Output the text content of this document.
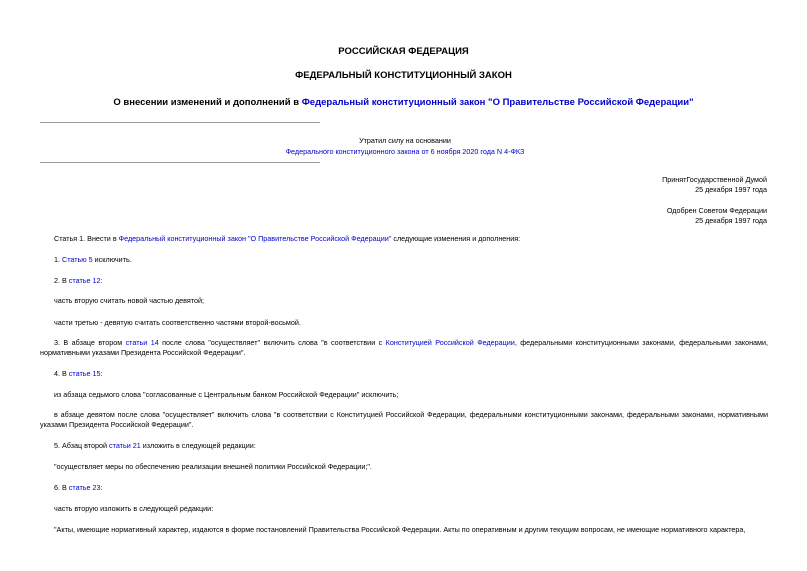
РОССИЙСКАЯ ФЕДЕРАЦИЯ
ФЕДЕРАЛЬНЫЙ КОНСТИТУЦИОННЫЙ ЗАКОН
О внесении изменений и дополнений в Федеральный конституционный закон "О Правительстве Российской Федерации"
Утратил силу на основании
Федерального конституционного закона от 6 ноября 2020 года N 4-ФКЗ
ПринятГосударственной Думой
25 декабря 1997 года
Одобрен Советом Федерации
25 декабря 1997 года
Статья 1. Внести в Федеральный конституционный закон "О Правительстве Российской Федерации" следующие изменения и дополнения:
1. Статью 5 исключить.
2. В статье 12:
часть вторую считать новой частью девятой;
части третью - девятую считать соответственно частями второй-восьмой.
3. В абзаце втором статьи 14 после слова "осуществляет" включить слова "в соответствии с Конституцией Российской Федерации, федеральными конституционными законами, федеральными законами, нормативными указами Президента Российской Федерации".
4. В статье 15:
из абзаца седьмого слова "согласованные с Центральным банком Российской Федерации" исключить;
в абзаце девятом после слова "осуществляет" включить слова "в соответствии с Конституцией Российской Федерации, федеральными конституционными законами, федеральными законами, нормативными указами Президента Российской Федерации".
5. Абзац второй статьи 21 изложить в следующей редакции:
"осуществляет меры по обеспечению реализации внешней политики Российской Федерации;".
6. В статье 23:
часть вторую изложить в следующей редакции:
"Акты, имеющие нормативный характер, издаются в форме постановлений Правительства Российской Федерации. Акты по оперативным и другим текущим вопросам, не имеющие нормативного характера,
